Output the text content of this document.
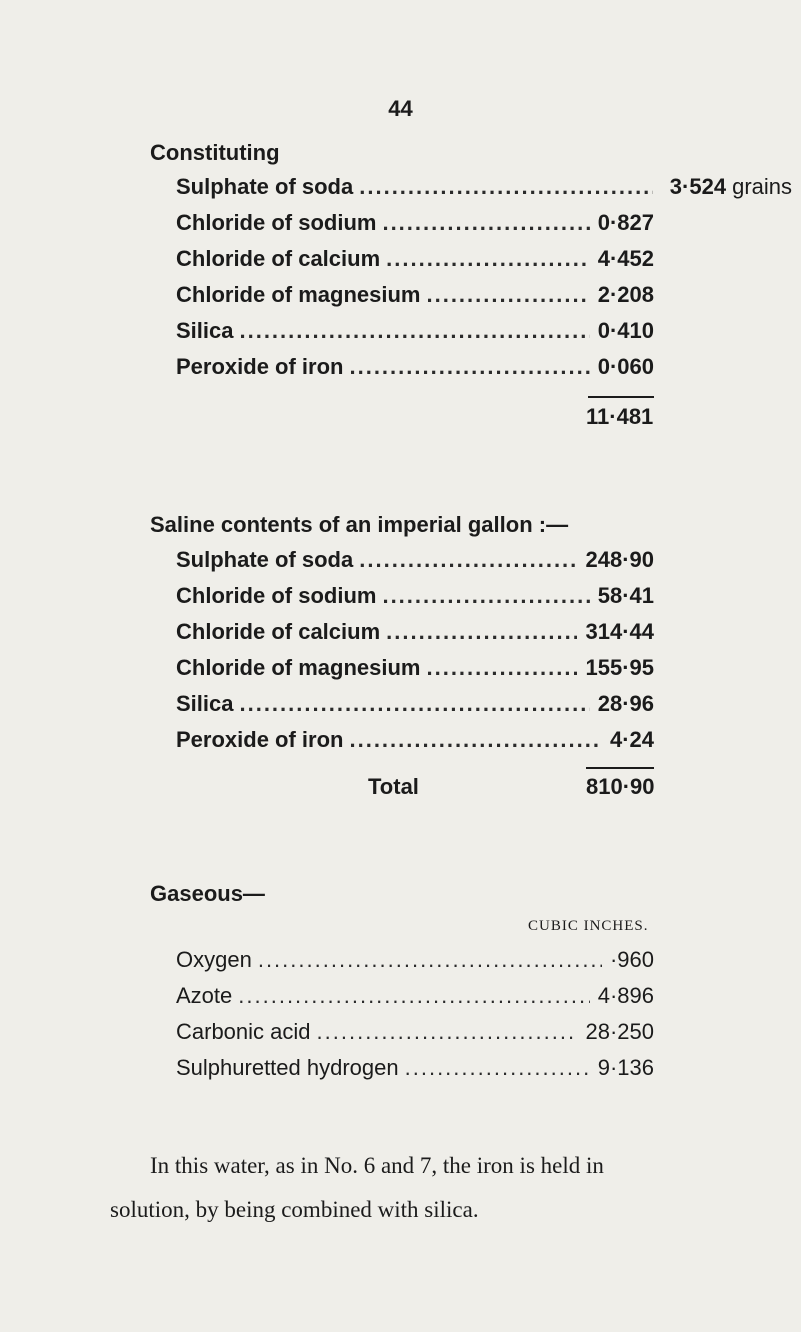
44
Constituting
Sulphate of soda .....	3·524 grains
Chloride of sodium .....	0·827
Chloride of calcium .....	4·452
Chloride of magnesium .....	2·208
Silica .....	0·410
Peroxide of iron .....	0·060
11·481
Saline contents of an imperial gallon :—
Sulphate of soda .....	248·90
Chloride of sodium .....	58·41
Chloride of calcium .....	314·44
Chloride of magnesium .....	155·95
Silica .....	28·96
Peroxide of iron .....	4·24
Total	810·90
Gaseous—
CUBIC INCHES.
Oxygen .....	·960
Azote .....	4·896
Carbonic acid .....	28·250
Sulphuretted hydrogen .....	9·136
In this water, as in No. 6 and 7, the iron is held in
solution, by being combined with silica.
